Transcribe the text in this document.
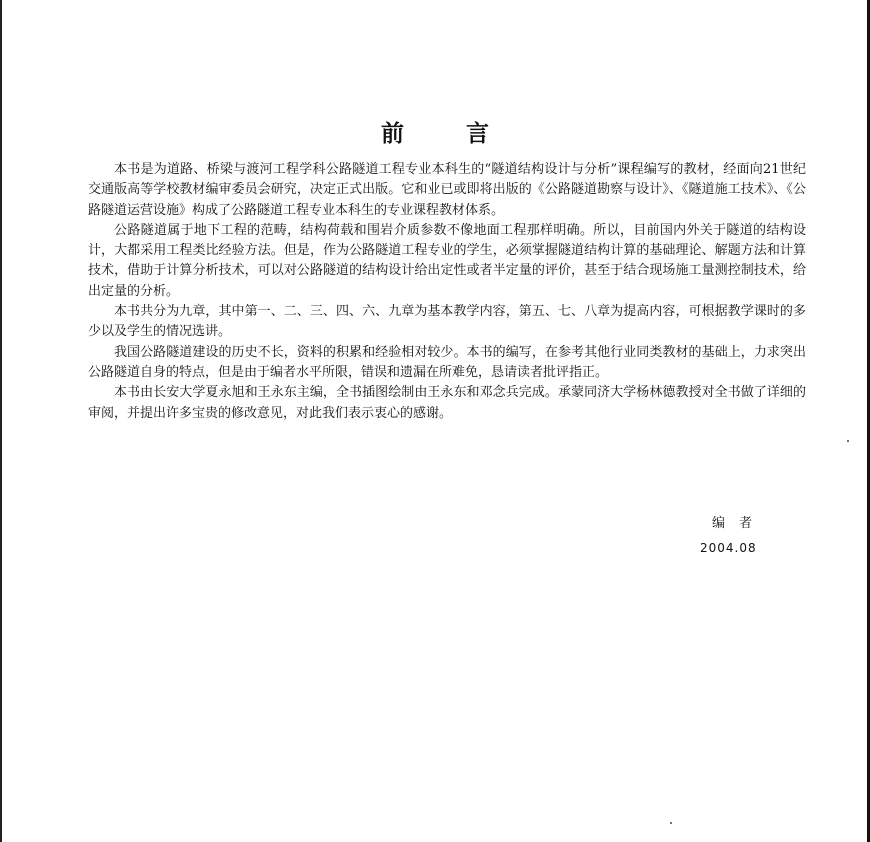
前言

本书是为道路、桥梁与渡河工程学科公路隧道工程专业本科生的“隧道结构设计与分析”课程编写的教材，经面向21世纪交通版高等学校教材编审委员会研究，决定正式出版。它和业已或即将出版的《公路隧道勘察与设计》、《隧道施工技术》、《公路隧道运营设施》构成了公路隧道工程专业本科生的专业课程教材体系。

公路隧道属于地下工程的范畴，结构荷载和围岩介质参数不像地面工程那样明确。所以，目前国内外关于隧道的结构设计，大都采用工程类比经验方法。但是，作为公路隧道工程专业的学生，必须掌握隧道结构计算的基础理论、解题方法和计算技术，借助于计算分析技术，可以对公路隧道的结构设计给出定性或者半定量的评价，甚至于结合现场施工量测控制技术，给出定量的分析。

本书共分为九章，其中第一、二、三、四、六、九章为基本教学内容，第五、七、八章为提高内容，可根据教学课时的多少以及学生的情况选讲。

我国公路隧道建设的历史不长，资料的积累和经验相对较少。本书的编写，在参考其他行业同类教材的基础上，力求突出公路隧道自身的特点，但是由于编者水平所限，错误和遗漏在所难免，恳请读者批评指正。

本书由长安大学夏永旭和王永东主编，全书插图绘制由王永东和邓念兵完成。承蒙同济大学杨林德教授对全书做了详细的审阅，并提出许多宝贵的修改意见，对此我们表示衷心的感谢。

编者
2004.08
